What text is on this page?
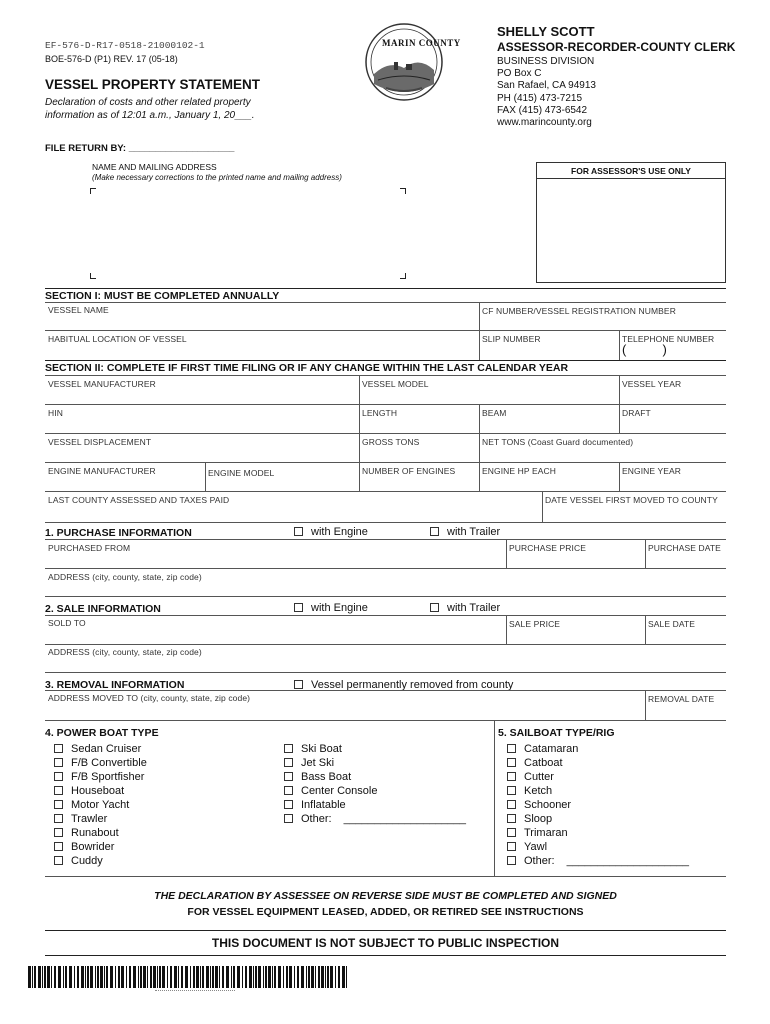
EF-576-D-R17-0518-21000102-1
BOE-576-D (P1) REV. 17 (05-18)
VESSEL PROPERTY STATEMENT
Declaration of costs and other related property
information as of 12:01 a.m., January 1, 20___.
MARIN COUNTY
SHELLY SCOTT
ASSESSOR-RECORDER-COUNTY CLERK
BUSINESS DIVISION
PO Box C
San Rafael, CA 94913
PH (415) 473-7215
FAX (415) 473-6542
www.marincounty.org
FILE RETURN BY: ____________________
NAME AND MAILING ADDRESS
(Make necessary corrections to the printed name and mailing address)
FOR ASSESSOR'S USE ONLY
SECTION I: MUST BE COMPLETED ANNUALLY
VESSEL NAME	CF NUMBER/VESSEL REGISTRATION NUMBER
HABITUAL LOCATION OF VESSEL	SLIP NUMBER	TELEPHONE NUMBER
(          )
SECTION II: COMPLETE IF FIRST TIME FILING OR IF ANY CHANGE WITHIN THE LAST CALENDAR YEAR
VESSEL MANUFACTURER	VESSEL MODEL	VESSEL YEAR
HIN	LENGTH	BEAM	DRAFT
VESSEL DISPLACEMENT	GROSS TONS	NET TONS (Coast Guard documented)
ENGINE MANUFACTURER	ENGINE MODEL	NUMBER OF ENGINES	ENGINE HP EACH	ENGINE YEAR
LAST COUNTY ASSESSED AND TAXES PAID	DATE VESSEL FIRST MOVED TO COUNTY
1. PURCHASE INFORMATION	with Engine	with Trailer
PURCHASED FROM	PURCHASE PRICE	PURCHASE DATE
ADDRESS (city, county, state, zip code)
2. SALE INFORMATION	with Engine	with Trailer
SOLD TO	SALE PRICE	SALE DATE
ADDRESS (city, county, state, zip code)
3. REMOVAL INFORMATION	Vessel permanently removed from county
ADDRESS MOVED TO (city, county, state, zip code)	REMOVAL DATE
4. POWER BOAT TYPE
Sedan Cruiser
F/B Convertible
F/B Sportfisher
Houseboat
Motor Yacht
Trawler
Runabout
Bowrider
Cuddy
Ski Boat
Jet Ski
Bass Boat
Center Console
Inflatable
Other: ____________________
5. SAILBOAT TYPE/RIG
Catamaran
Catboat
Cutter
Ketch
Schooner
Sloop
Trimaran
Yawl
Other: ____________________
THE DECLARATION BY ASSESSEE ON REVERSE SIDE MUST BE COMPLETED AND SIGNED
FOR VESSEL EQUIPMENT LEASED, ADDED, OR RETIRED SEE INSTRUCTIONS
THIS DOCUMENT IS NOT SUBJECT TO PUBLIC INSPECTION
